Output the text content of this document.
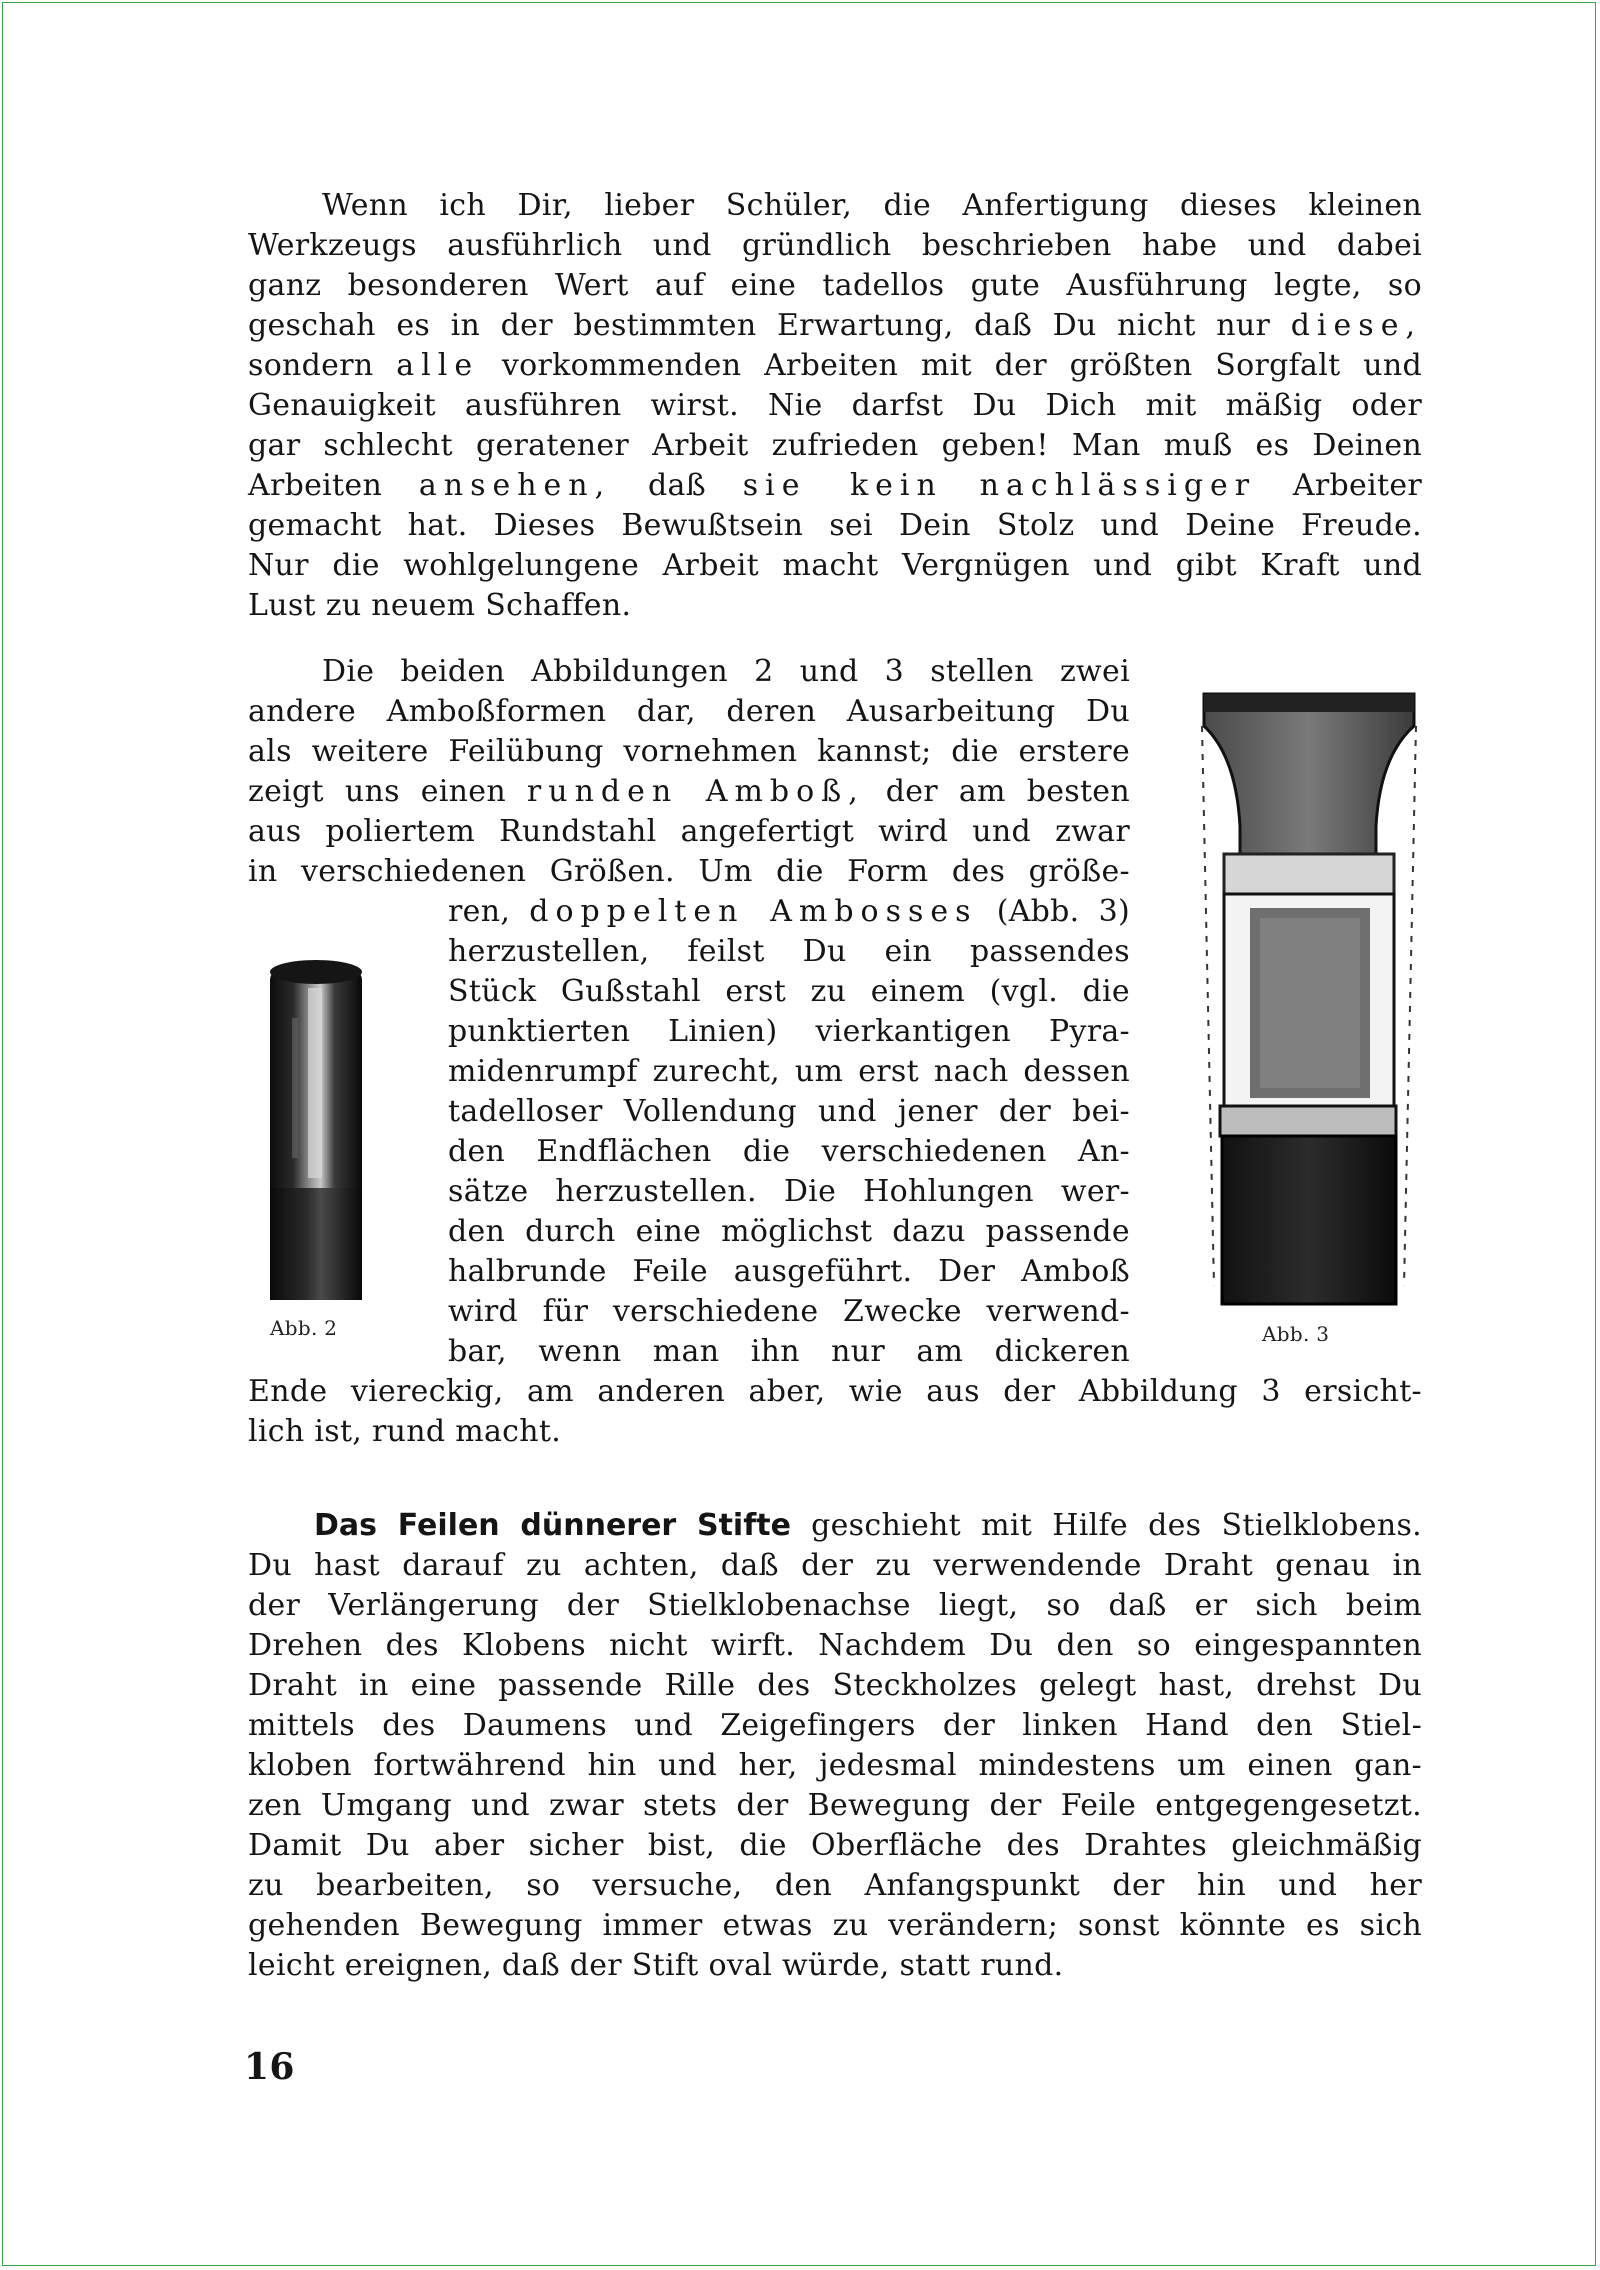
Wenn ich Dir, lieber Schüler, die Anfertigung dieses kleinen
Werkzeugs ausführlich und gründlich beschrieben habe und dabei
ganz besonderen Wert auf eine tadellos gute Ausführung legte, so
geschah es in der bestimmten Erwartung, daß Du nicht nur diese,
sondern alle vorkommenden Arbeiten mit der größten Sorgfalt und
Genauigkeit ausführen wirst. Nie darfst Du Dich mit mäßig oder
gar schlecht geratener Arbeit zufrieden geben! Man muß es Deinen
Arbeiten ansehen, daß sie kein nachlässiger Arbeiter
gemacht hat. Dieses Bewußtsein sei Dein Stolz und Deine Freude.
Nur die wohlgelungene Arbeit macht Vergnügen und gibt Kraft und
Lust zu neuem Schaffen.
Die beiden Abbildungen 2 und 3 stellen zwei
andere Amboßformen dar, deren Ausarbeitung Du
als weitere Feilübung vornehmen kannst; die erstere
zeigt uns einen runden Amboß, der am besten
aus poliertem Rundstahl angefertigt wird und zwar
in verschiedenen Größen. Um die Form des größe-
ren, doppelten Ambosses (Abb. 3)
herzustellen, feilst Du ein passendes
Stück Gußstahl erst zu einem (vgl. die
punktierten Linien) vierkantigen Pyra-
midenrumpf zurecht, um erst nach dessen
tadelloser Vollendung und jener der bei-
den Endflächen die verschiedenen An-
sätze herzustellen. Die Hohlungen wer-
den durch eine möglichst dazu passende
halbrunde Feile ausgeführt. Der Amboß
wird für verschiedene Zwecke verwend-
bar, wenn man ihn nur am dickeren
Ende viereckig, am anderen aber, wie aus der Abbildung 3 ersicht-
lich ist, rund macht.
Abb. 2	Abb. 3
Das Feilen dünnerer Stifte geschieht mit Hilfe des Stielklobens.
Du hast darauf zu achten, daß der zu verwendende Draht genau in
der Verlängerung der Stielklobenachse liegt, so daß er sich beim
Drehen des Klobens nicht wirft. Nachdem Du den so eingespannten
Draht in eine passende Rille des Steckholzes gelegt hast, drehst Du
mittels des Daumens und Zeigefingers der linken Hand den Stiel-
kloben fortwährend hin und her, jedesmal mindestens um einen gan-
zen Umgang und zwar stets der Bewegung der Feile entgegengesetzt.
Damit Du aber sicher bist, die Oberfläche des Drahtes gleichmäßig
zu bearbeiten, so versuche, den Anfangspunkt der hin und her
gehenden Bewegung immer etwas zu verändern; sonst könnte es sich
leicht ereignen, daß der Stift oval würde, statt rund.
16
